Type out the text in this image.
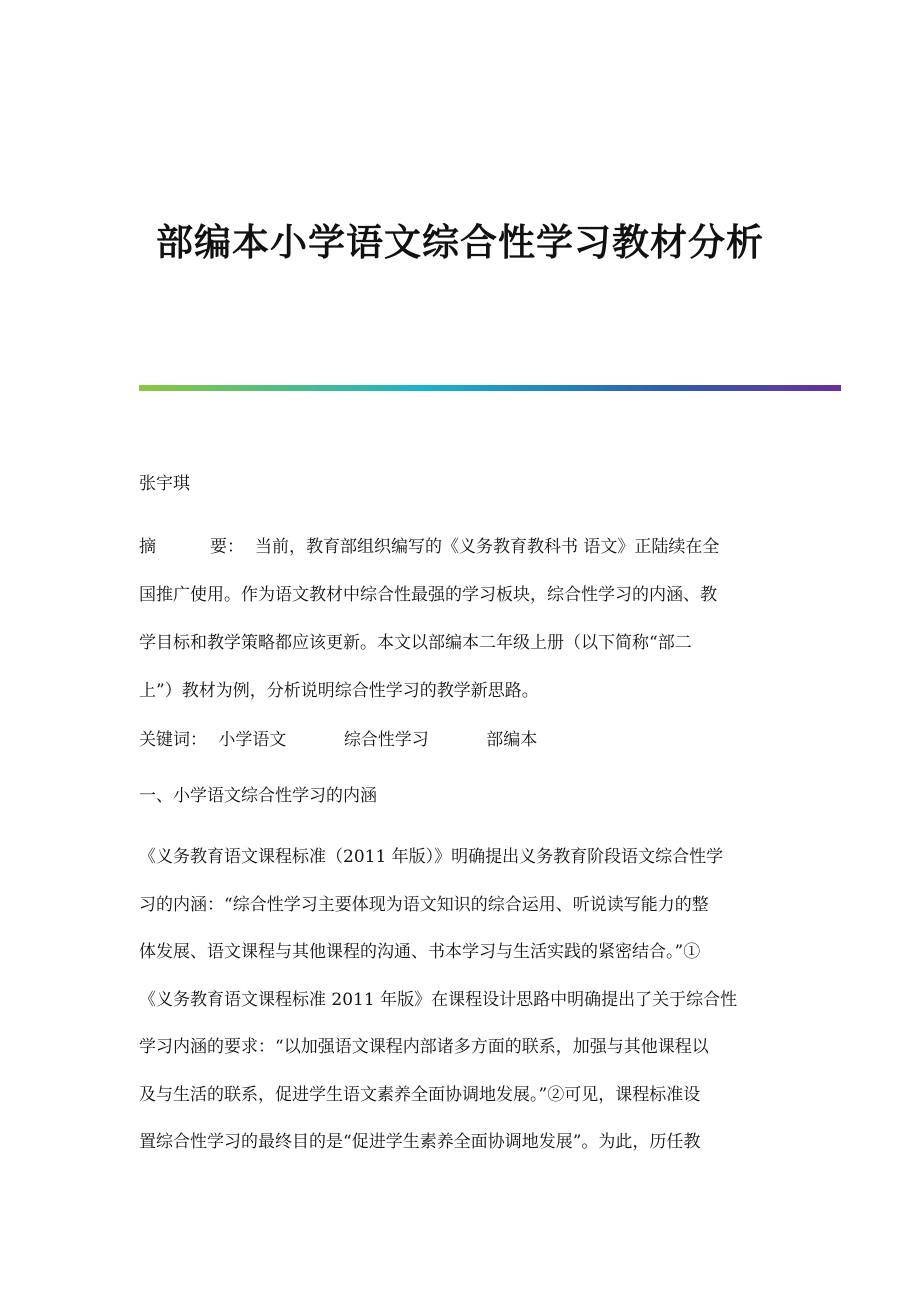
部编本小学语文综合性学习教材分析

张宇琪

摘	要： 当前，教育部组织编写的《义务教育教科书 语文》正陆续在全
国推广使用。作为语文教材中综合性最强的学习板块，综合性学习的内涵、教
学目标和教学策略都应该更新。本文以部编本二年级上册（以下简称“部二
上”）教材为例，分析说明综合性学习的教学新思路。
关键词： 小学语文	综合性学习	部编本
一、小学语文综合性学习的内涵
《义务教育语文课程标准（2011 年版）》明确提出义务教育阶段语文综合性学
习的内涵：“综合性学习主要体现为语文知识的综合运用、听说读写能力的整
体发展、语文课程与其他课程的沟通、书本学习与生活实践的紧密结合。”①
《义务教育语文课程标准 2011 年版》在课程设计思路中明确提出了关于综合性
学习内涵的要求：“以加强语文课程内部诸多方面的联系，加强与其他课程以
及与生活的联系，促进学生语文素养全面协调地发展。”②可见，课程标准设
置综合性学习的最终目的是“促进学生素养全面协调地发展”。为此，历任教
